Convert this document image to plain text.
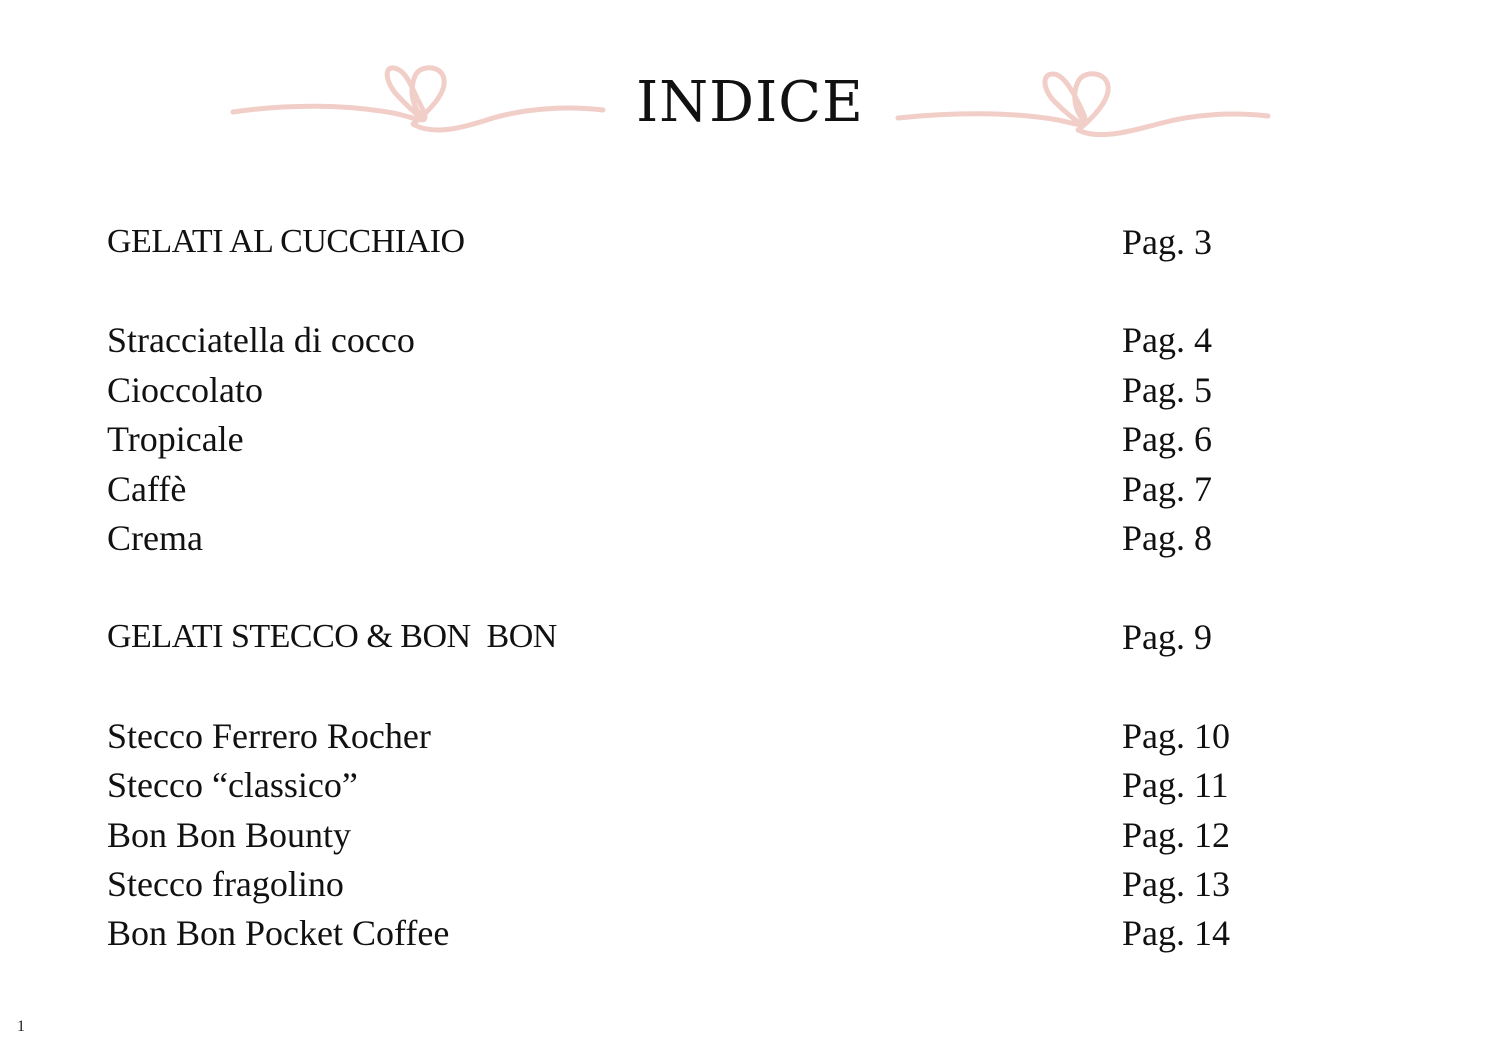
INDICE
GELATI AL CUCCHIAIO	Pag. 3
Stracciatella di cocco	Pag. 4
Cioccolato	Pag. 5
Tropicale	Pag. 6
Caffè	Pag. 7
Crema	Pag. 8
GELATI STECCO & BON  BON	Pag. 9
Stecco Ferrero Rocher	Pag. 10
Stecco “classico”	Pag. 11
Bon Bon Bounty	Pag. 12
Stecco fragolino	Pag. 13
Bon Bon Pocket Coffee	Pag. 14
1
